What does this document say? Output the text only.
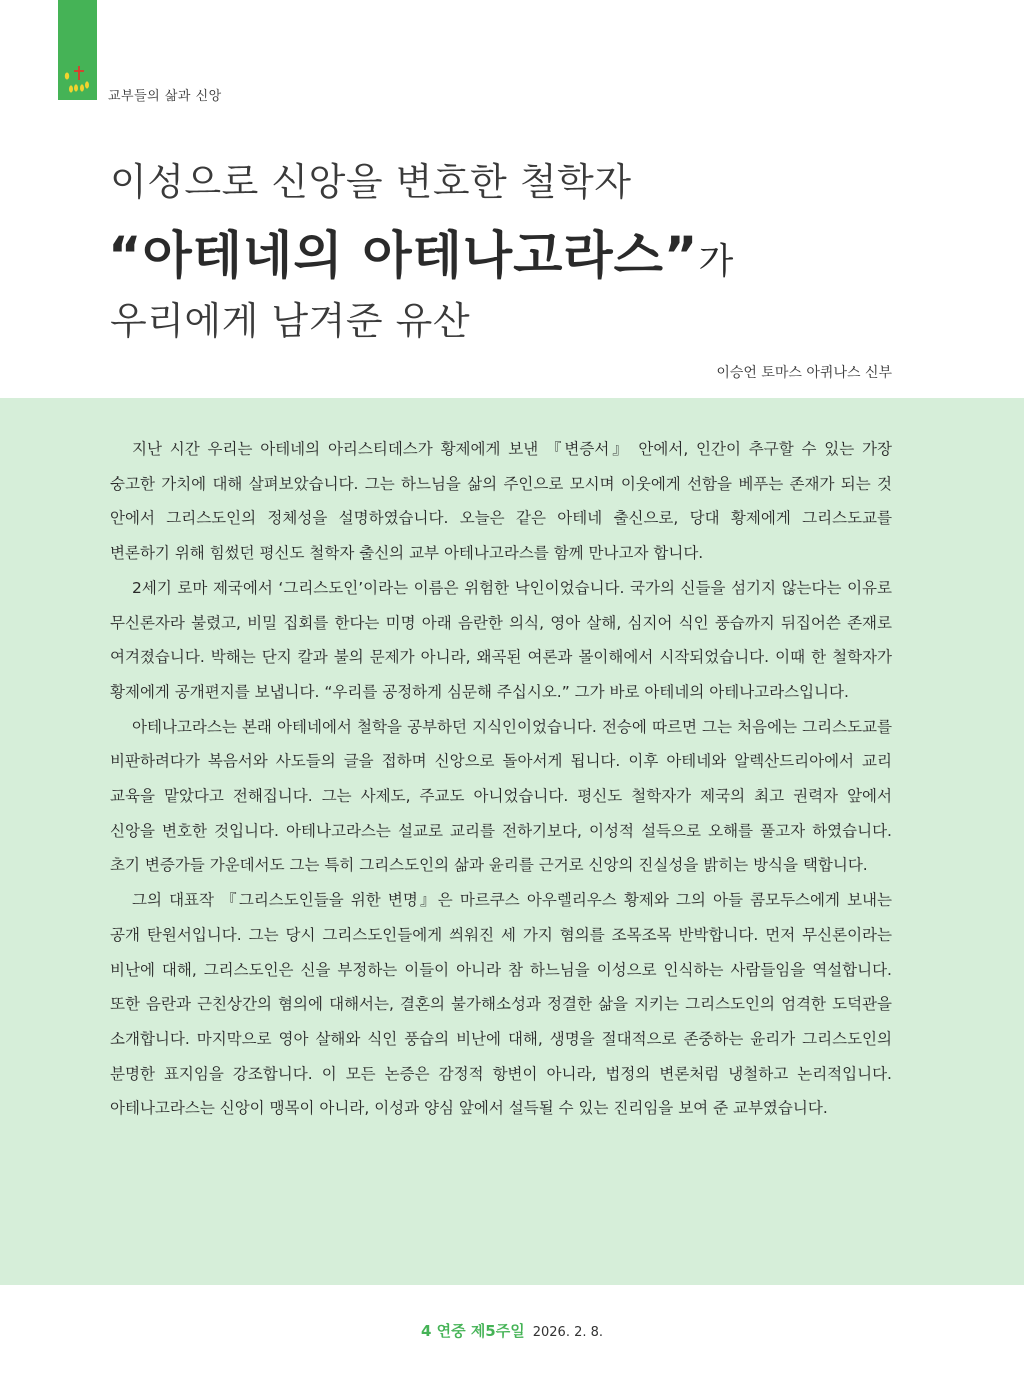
교부들의 삶과 신앙
이성으로 신앙을 변호한 철학자
“아테네의 아테나고라스”가
우리에게 남겨준 유산
이승언 토마스 아퀴나스 신부

지난 시간 우리는 아테네의 아리스티데스가 황제에게 보낸 『변증서』 안에서, 인간이 추구할 수 있는 가장 숭고한 가치에 대해 살펴보았습니다. 그는 하느님을 삶의 주인으로 모시며 이웃에게 선함을 베푸는 존재가 되는 것 안에서 그리스도인의 정체성을 설명하였습니다. 오늘은 같은 아테네 출신으로, 당대 황제에게 그리스도교를 변론하기 위해 힘썼던 평신도 철학자 출신의 교부 아테나고라스를 함께 만나고자 합니다.

2세기 로마 제국에서 ‘그리스도인’이라는 이름은 위험한 낙인이었습니다. 국가의 신들을 섬기지 않는다는 이유로 무신론자라 불렸고, 비밀 집회를 한다는 미명 아래 음란한 의식, 영아 살해, 심지어 식인 풍습까지 뒤집어쓴 존재로 여겨졌습니다. 박해는 단지 칼과 불의 문제가 아니라, 왜곡된 여론과 몰이해에서 시작되었습니다. 이때 한 철학자가 황제에게 공개편지를 보냅니다. “우리를 공정하게 심문해 주십시오.” 그가 바로 아테네의 아테나고라스입니다.

아테나고라스는 본래 아테네에서 철학을 공부하던 지식인이었습니다. 전승에 따르면 그는 처음에는 그리스도교를 비판하려다가 복음서와 사도들의 글을 접하며 신앙으로 돌아서게 됩니다. 이후 아테네와 알렉산드리아에서 교리 교육을 맡았다고 전해집니다. 그는 사제도, 주교도 아니었습니다. 평신도 철학자가 제국의 최고 권력자 앞에서 신앙을 변호한 것입니다. 아테나고라스는 설교로 교리를 전하기보다, 이성적 설득으로 오해를 풀고자 하였습니다. 초기 변증가들 가운데서도 그는 특히 그리스도인의 삶과 윤리를 근거로 신앙의 진실성을 밝히는 방식을 택합니다.

그의 대표작 『그리스도인들을 위한 변명』은 마르쿠스 아우렐리우스 황제와 그의 아들 콤모두스에게 보내는 공개 탄원서입니다. 그는 당시 그리스도인들에게 씌워진 세 가지 혐의를 조목조목 반박합니다. 먼저 무신론이라는 비난에 대해, 그리스도인은 신을 부정하는 이들이 아니라 참 하느님을 이성으로 인식하는 사람들임을 역설합니다. 또한 음란과 근친상간의 혐의에 대해서는, 결혼의 불가해소성과 정결한 삶을 지키는 그리스도인의 엄격한 도덕관을 소개합니다. 마지막으로 영아 살해와 식인 풍습의 비난에 대해, 생명을 절대적으로 존중하는 윤리가 그리스도인의 분명한 표지임을 강조합니다. 이 모든 논증은 감정적 항변이 아니라, 법정의 변론처럼 냉철하고 논리적입니다. 아테나고라스는 신앙이 맹목이 아니라, 이성과 양심 앞에서 설득될 수 있는 진리임을 보여 준 교부였습니다.

4 연중 제5주일 2026. 2. 8.
